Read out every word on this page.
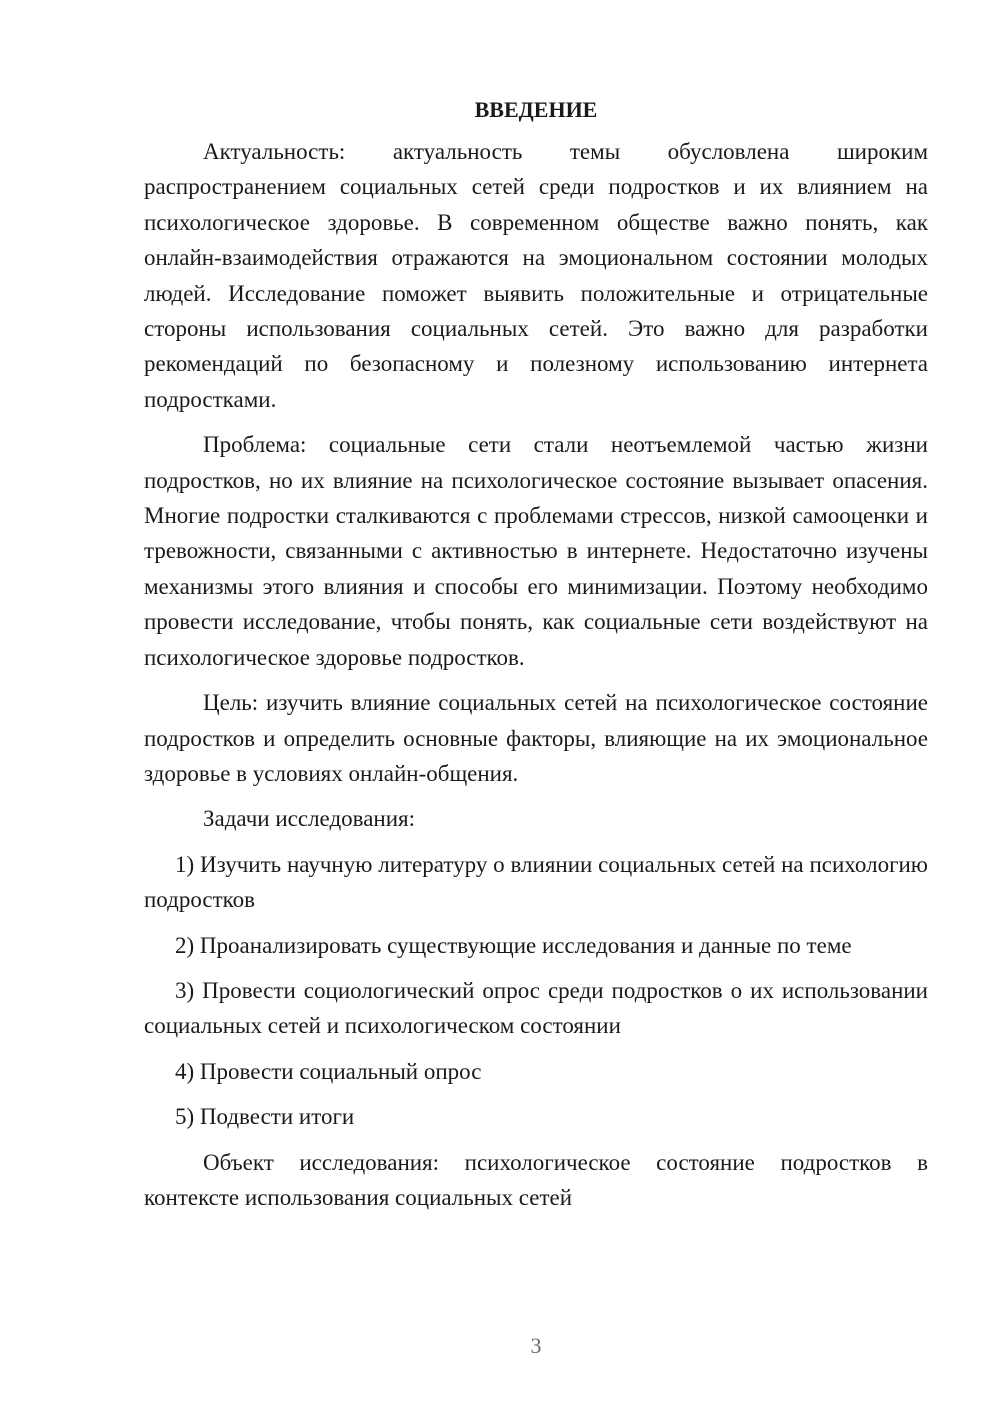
ВВЕДЕНИЕ

Актуальность: актуальность темы обусловлена широким распространением социальных сетей среди подростков и их влиянием на психологическое здоровье. В современном обществе важно понять, как онлайн-взаимодействия отражаются на эмоциональном состоянии молодых людей. Исследование поможет выявить положительные и отрицательные стороны использования социальных сетей. Это важно для разработки рекомендаций по безопасному и полезному использованию интернета подростками.

Проблема: социальные сети стали неотъемлемой частью жизни подростков, но их влияние на психологическое состояние вызывает опасения. Многие подростки сталкиваются с проблемами стрессов, низкой самооценки и тревожности, связанными с активностью в интернете. Недостаточно изучены механизмы этого влияния и способы его минимизации. Поэтому необходимо провести исследование, чтобы понять, как социальные сети воздействуют на психологическое здоровье подростков.

Цель: изучить влияние социальных сетей на психологическое состояние подростков и определить основные факторы, влияющие на их эмоциональное здоровье в условиях онлайн-общения.

Задачи исследования:

1) Изучить научную литературу о влиянии социальных сетей на психологию подростков

2) Проанализировать существующие исследования и данные по теме

3) Провести социологический опрос среди подростков о их использовании социальных сетей и психологическом состоянии

4) Провести социальный опрос

5) Подвести итоги

Объект исследования: психологическое состояние подростков в контексте использования социальных сетей

3
